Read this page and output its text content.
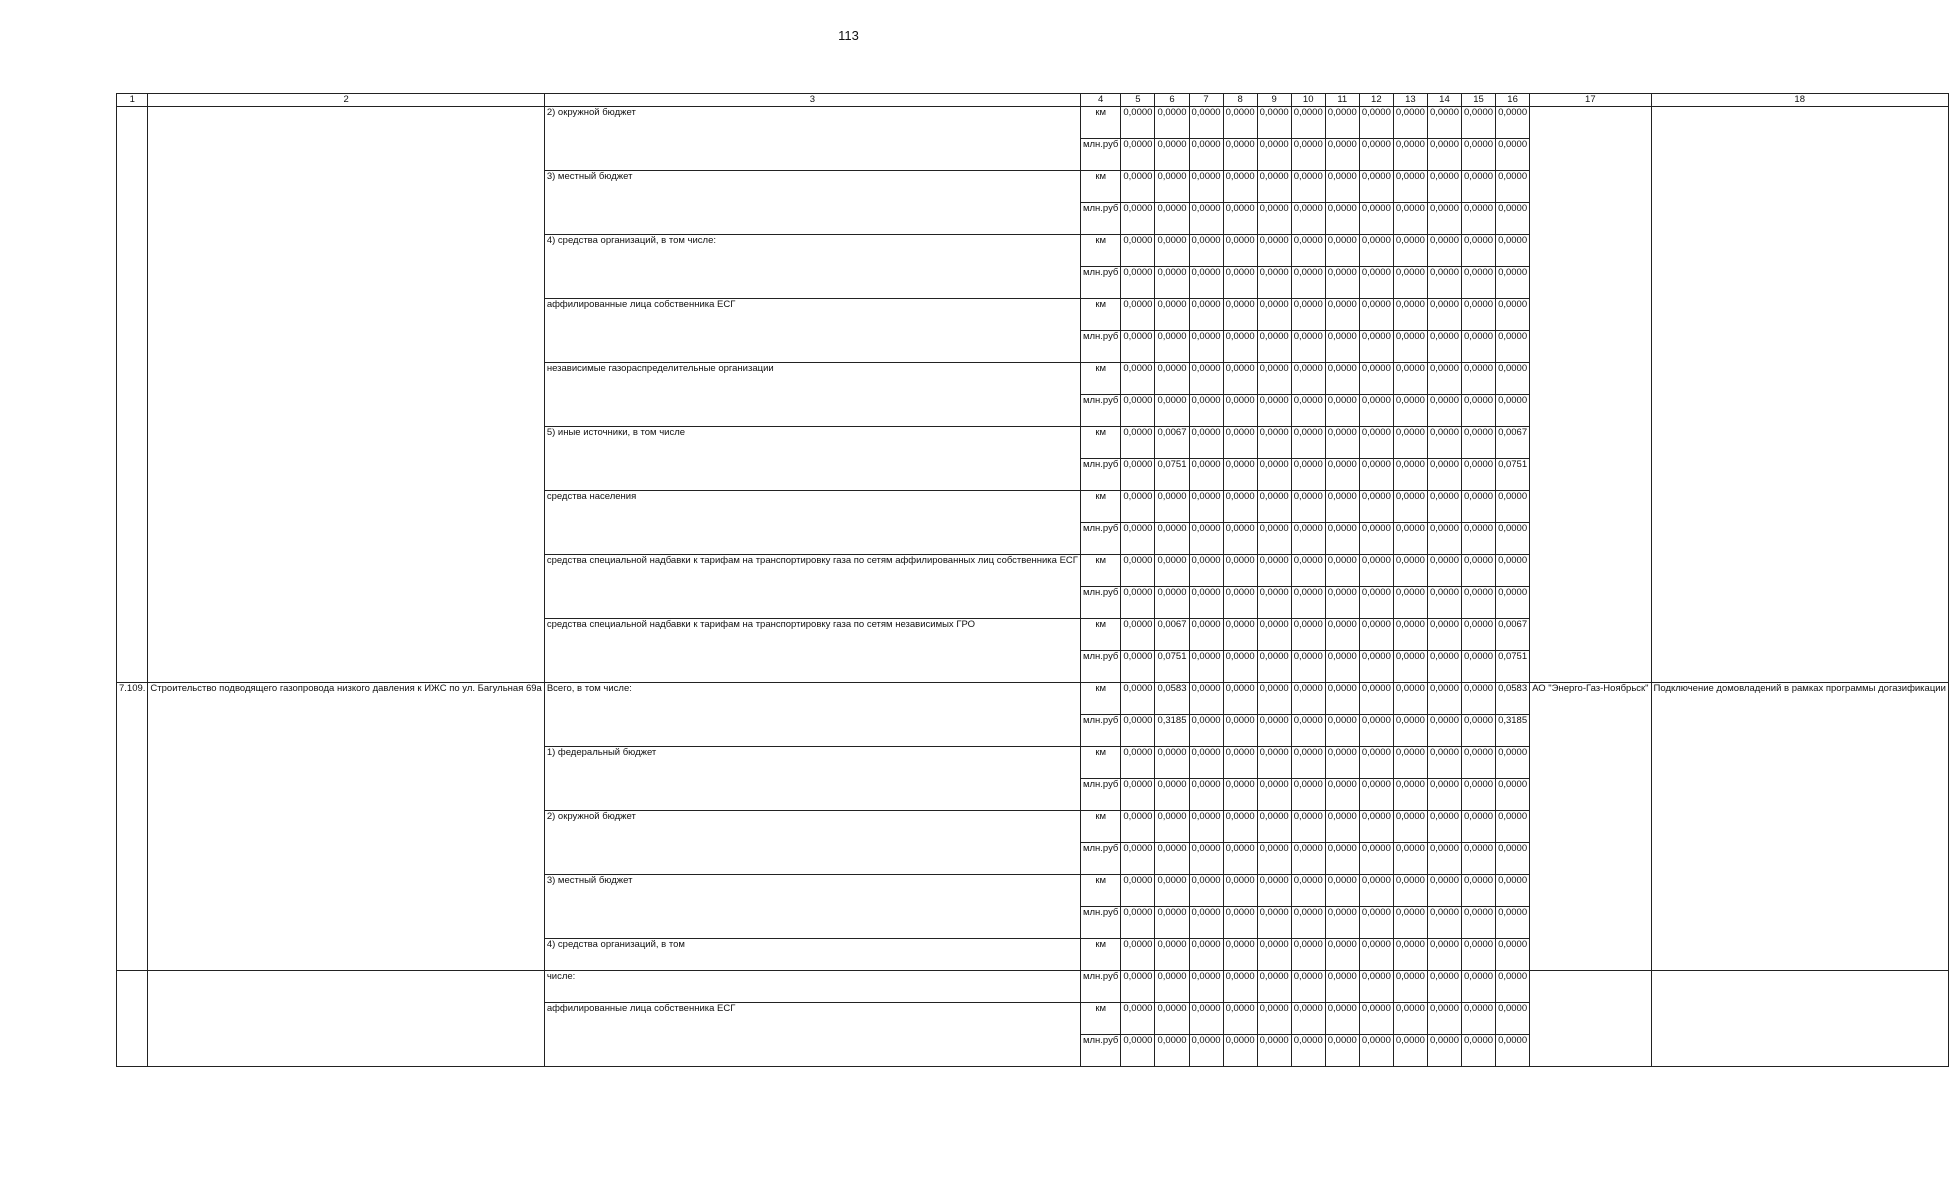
113
1	2	3	4	5	6	7	8	9	10	11	12	13	14	15	16	17	18
		2) окружной бюджет	км	0,0000	0,0000	0,0000	0,0000	0,0000	0,0000	0,0000	0,0000	0,0000	0,0000	0,0000	0,0000		
			млн.руб	0,0000	0,0000	0,0000	0,0000	0,0000	0,0000	0,0000	0,0000	0,0000	0,0000	0,0000	0,0000		
		3) местный бюджет	км	0,0000	0,0000	0,0000	0,0000	0,0000	0,0000	0,0000	0,0000	0,0000	0,0000	0,0000	0,0000		
			млн.руб	0,0000	0,0000	0,0000	0,0000	0,0000	0,0000	0,0000	0,0000	0,0000	0,0000	0,0000	0,0000		
		4) средства организаций, в том числе:	км	0,0000	0,0000	0,0000	0,0000	0,0000	0,0000	0,0000	0,0000	0,0000	0,0000	0,0000	0,0000		
			млн.руб	0,0000	0,0000	0,0000	0,0000	0,0000	0,0000	0,0000	0,0000	0,0000	0,0000	0,0000	0,0000		
		аффилированные лица собственника ЕСГ	км	0,0000	0,0000	0,0000	0,0000	0,0000	0,0000	0,0000	0,0000	0,0000	0,0000	0,0000	0,0000		
			млн.руб	0,0000	0,0000	0,0000	0,0000	0,0000	0,0000	0,0000	0,0000	0,0000	0,0000	0,0000	0,0000		
		независимые газораспределительные организации	км	0,0000	0,0000	0,0000	0,0000	0,0000	0,0000	0,0000	0,0000	0,0000	0,0000	0,0000	0,0000		
			млн.руб	0,0000	0,0000	0,0000	0,0000	0,0000	0,0000	0,0000	0,0000	0,0000	0,0000	0,0000	0,0000		
		5) иные источники, в том числе	км	0,0000	0,0067	0,0000	0,0000	0,0000	0,0000	0,0000	0,0000	0,0000	0,0000	0,0000	0,0067		
			млн.руб	0,0000	0,0751	0,0000	0,0000	0,0000	0,0000	0,0000	0,0000	0,0000	0,0000	0,0000	0,0751		
		средства населения	км	0,0000	0,0000	0,0000	0,0000	0,0000	0,0000	0,0000	0,0000	0,0000	0,0000	0,0000	0,0000		
			млн.руб	0,0000	0,0000	0,0000	0,0000	0,0000	0,0000	0,0000	0,0000	0,0000	0,0000	0,0000	0,0000		
		средства специальной надбавки к тарифам на транспортировку газа по сетям аффилированных лиц собственника ЕСГ	км	0,0000	0,0000	0,0000	0,0000	0,0000	0,0000	0,0000	0,0000	0,0000	0,0000	0,0000	0,0000		
			млн.руб	0,0000	0,0000	0,0000	0,0000	0,0000	0,0000	0,0000	0,0000	0,0000	0,0000	0,0000	0,0000		
		средства специальной надбавки к тарифам на транспортировку газа по сетям независимых ГРО	км	0,0000	0,0067	0,0000	0,0000	0,0000	0,0000	0,0000	0,0000	0,0000	0,0000	0,0000	0,0067		
			млн.руб	0,0000	0,0751	0,0000	0,0000	0,0000	0,0000	0,0000	0,0000	0,0000	0,0000	0,0000	0,0751		
7.109.	Строительство подводящего газопровода низкого давления к ИЖС по ул. Багульная 69а	Всего, в том числе:	км	0,0000	0,0583	0,0000	0,0000	0,0000	0,0000	0,0000	0,0000	0,0000	0,0000	0,0000	0,0583	АО "Энерго-Газ-Ноябрьск"	Подключение домовладений в рамках программы догазификации
			млн.руб	0,0000	0,3185	0,0000	0,0000	0,0000	0,0000	0,0000	0,0000	0,0000	0,0000	0,0000	0,3185		
		1) федеральный бюджет	км	0,0000	0,0000	0,0000	0,0000	0,0000	0,0000	0,0000	0,0000	0,0000	0,0000	0,0000	0,0000		
			млн.руб	0,0000	0,0000	0,0000	0,0000	0,0000	0,0000	0,0000	0,0000	0,0000	0,0000	0,0000	0,0000		
		2) окружной бюджет	км	0,0000	0,0000	0,0000	0,0000	0,0000	0,0000	0,0000	0,0000	0,0000	0,0000	0,0000	0,0000		
			млн.руб	0,0000	0,0000	0,0000	0,0000	0,0000	0,0000	0,0000	0,0000	0,0000	0,0000	0,0000	0,0000		
		3) местный бюджет	км	0,0000	0,0000	0,0000	0,0000	0,0000	0,0000	0,0000	0,0000	0,0000	0,0000	0,0000	0,0000		
			млн.руб	0,0000	0,0000	0,0000	0,0000	0,0000	0,0000	0,0000	0,0000	0,0000	0,0000	0,0000	0,0000		
		4) средства организаций, в том	км	0,0000	0,0000	0,0000	0,0000	0,0000	0,0000	0,0000	0,0000	0,0000	0,0000	0,0000	0,0000		
		числе:	млн.руб	0,0000	0,0000	0,0000	0,0000	0,0000	0,0000	0,0000	0,0000	0,0000	0,0000	0,0000	0,0000		
		аффилированные лица собственника ЕСГ	км	0,0000	0,0000	0,0000	0,0000	0,0000	0,0000	0,0000	0,0000	0,0000	0,0000	0,0000	0,0000		
			млн.руб	0,0000	0,0000	0,0000	0,0000	0,0000	0,0000	0,0000	0,0000	0,0000	0,0000	0,0000	0,0000		
